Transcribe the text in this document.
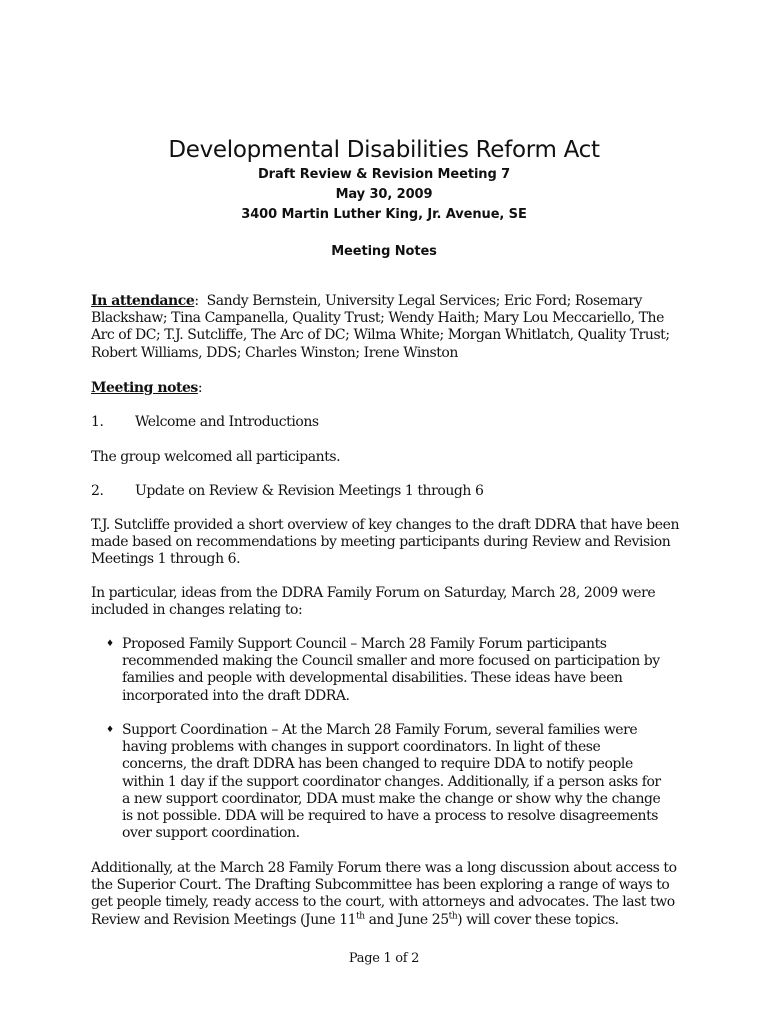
Developmental Disabilities Reform Act
Draft Review & Revision Meeting 7
May 30, 2009
3400 Martin Luther King, Jr. Avenue, SE
Meeting Notes

In attendance: Sandy Bernstein, University Legal Services; Eric Ford; Rosemary Blackshaw; Tina Campanella, Quality Trust; Wendy Haith; Mary Lou Meccariello, The Arc of DC; T.J. Sutcliffe, The Arc of DC; Wilma White; Morgan Whitlatch, Quality Trust; Robert Williams, DDS; Charles Winston; Irene Winston

Meeting notes:

1. Welcome and Introductions

The group welcomed all participants.

2. Update on Review & Revision Meetings 1 through 6

T.J. Sutcliffe provided a short overview of key changes to the draft DDRA that have been made based on recommendations by meeting participants during Review and Revision Meetings 1 through 6.

In particular, ideas from the DDRA Family Forum on Saturday, March 28, 2009 were included in changes relating to:

♦ Proposed Family Support Council – March 28 Family Forum participants recommended making the Council smaller and more focused on participation by families and people with developmental disabilities. These ideas have been incorporated into the draft DDRA.
♦ Support Coordination – At the March 28 Family Forum, several families were having problems with changes in support coordinators. In light of these concerns, the draft DDRA has been changed to require DDA to notify people within 1 day if the support coordinator changes. Additionally, if a person asks for a new support coordinator, DDA must make the change or show why the change is not possible. DDA will be required to have a process to resolve disagreements over support coordination.

Additionally, at the March 28 Family Forum there was a long discussion about access to the Superior Court. The Drafting Subcommittee has been exploring a range of ways to get people timely, ready access to the court, with attorneys and advocates. The last two Review and Revision Meetings (June 11th and June 25th) will cover these topics.

Page 1 of 2
